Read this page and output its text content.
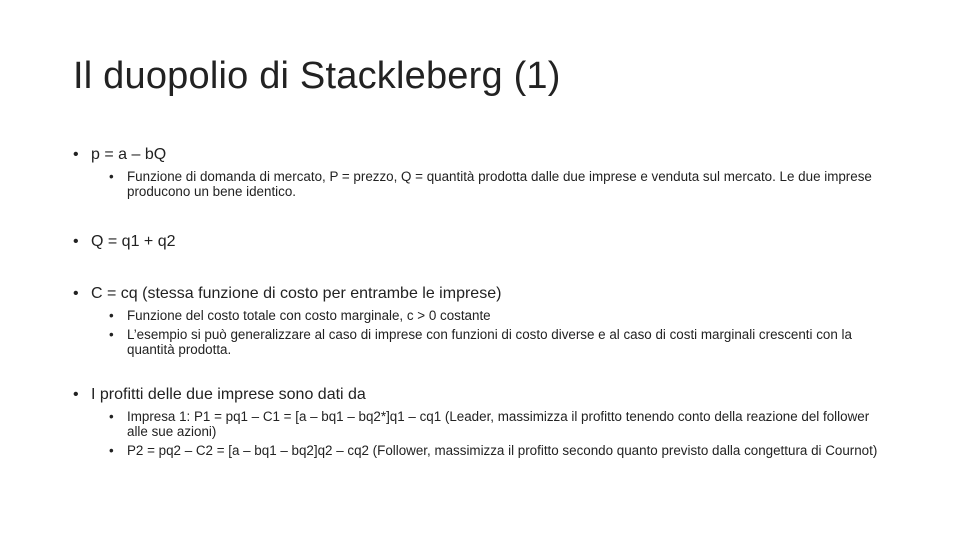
Il duopolio di Stackleberg (1)
• p = a – bQ
• Funzione di domanda di mercato, P = prezzo, Q = quantità prodotta dalle due imprese e venduta sul mercato. Le due imprese producono un bene identico.
• Q = q1 + q2
• C = cq (stessa funzione di costo per entrambe le imprese)
• Funzione del costo totale con costo marginale, c > 0 costante
• L’esempio si può generalizzare al caso di imprese con funzioni di costo diverse e al caso di costi marginali crescenti con la quantità prodotta.
• I profitti delle due imprese sono dati da
• Impresa 1: P1 = pq1 – C1 = [a – bq1 – bq2*]q1 – cq1 (Leader, massimizza il profitto tenendo conto della reazione del follower alle sue azioni)
• P2 = pq2 – C2 = [a – bq1 – bq2]q2 – cq2 (Follower, massimizza il profitto secondo quanto previsto dalla congettura di Cournot)
